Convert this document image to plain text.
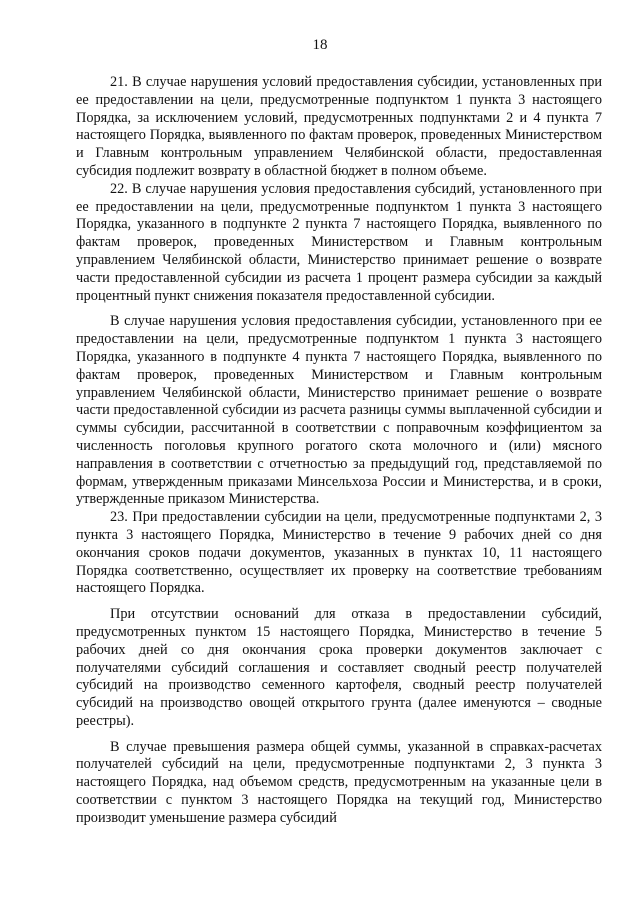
18

21. В случае нарушения условий предоставления субсидии, установленных при ее предоставлении на цели, предусмотренные подпунктом 1 пункта 3 настоящего Порядка, за исключением условий, предусмотренных подпунктами 2 и 4 пункта 7 настоящего Порядка, выявленного по фактам проверок, проведенных Министерством и Главным контрольным управлением Челябинской области, предоставленная субсидия подлежит возврату в областной бюджет в полном объеме.

22. В случае нарушения условия предоставления субсидий, установленного при ее предоставлении на цели, предусмотренные подпунктом 1 пункта 3 настоящего Порядка, указанного в подпункте 2 пункта 7 настоящего Порядка, выявленного по фактам проверок, проведенных Министерством и Главным контрольным управлением Челябинской области, Министерство принимает решение о возврате части предоставленной субсидии из расчета 1 процент размера субсидии за каждый процентный пункт снижения показателя предоставленной субсидии.

В случае нарушения условия предоставления субсидии, установленного при ее предоставлении на цели, предусмотренные подпунктом 1 пункта 3 настоящего Порядка, указанного в подпункте 4 пункта 7 настоящего Порядка, выявленного по фактам проверок, проведенных Министерством и Главным контрольным управлением Челябинской области, Министерство принимает решение о возврате части предоставленной субсидии из расчета разницы суммы выплаченной субсидии и суммы субсидии, рассчитанной в соответствии с поправочным коэффициентом за численность поголовья крупного рогатого скота молочного и (или) мясного направления в соответствии с отчетностью за предыдущий год, представляемой по формам, утвержденным приказами Минсельхоза России и Министерства, и в сроки, утвержденные приказом Министерства.

23. При предоставлении субсидии на цели, предусмотренные подпунктами 2, 3 пункта 3 настоящего Порядка, Министерство в течение 9 рабочих дней со дня окончания сроков подачи документов, указанных в пунктах 10, 11 настоящего Порядка соответственно, осуществляет их проверку на соответствие требованиям настоящего Порядка.

При отсутствии оснований для отказа в предоставлении субсидий, предусмотренных пунктом 15 настоящего Порядка, Министерство в течение 5 рабочих дней со дня окончания срока проверки документов заключает с получателями субсидий соглашения и составляет сводный реестр получателей субсидий на производство семенного картофеля, сводный реестр получателей субсидий на производство овощей открытого грунта (далее именуются – сводные реестры).

В случае превышения размера общей суммы, указанной в справках-расчетах получателей субсидий на цели, предусмотренные подпунктами 2, 3 пункта 3 настоящего Порядка, над объемом средств, предусмотренным на указанные цели в соответствии с пунктом 3 настоящего Порядка на текущий год, Министерство производит уменьшение размера субсидий
